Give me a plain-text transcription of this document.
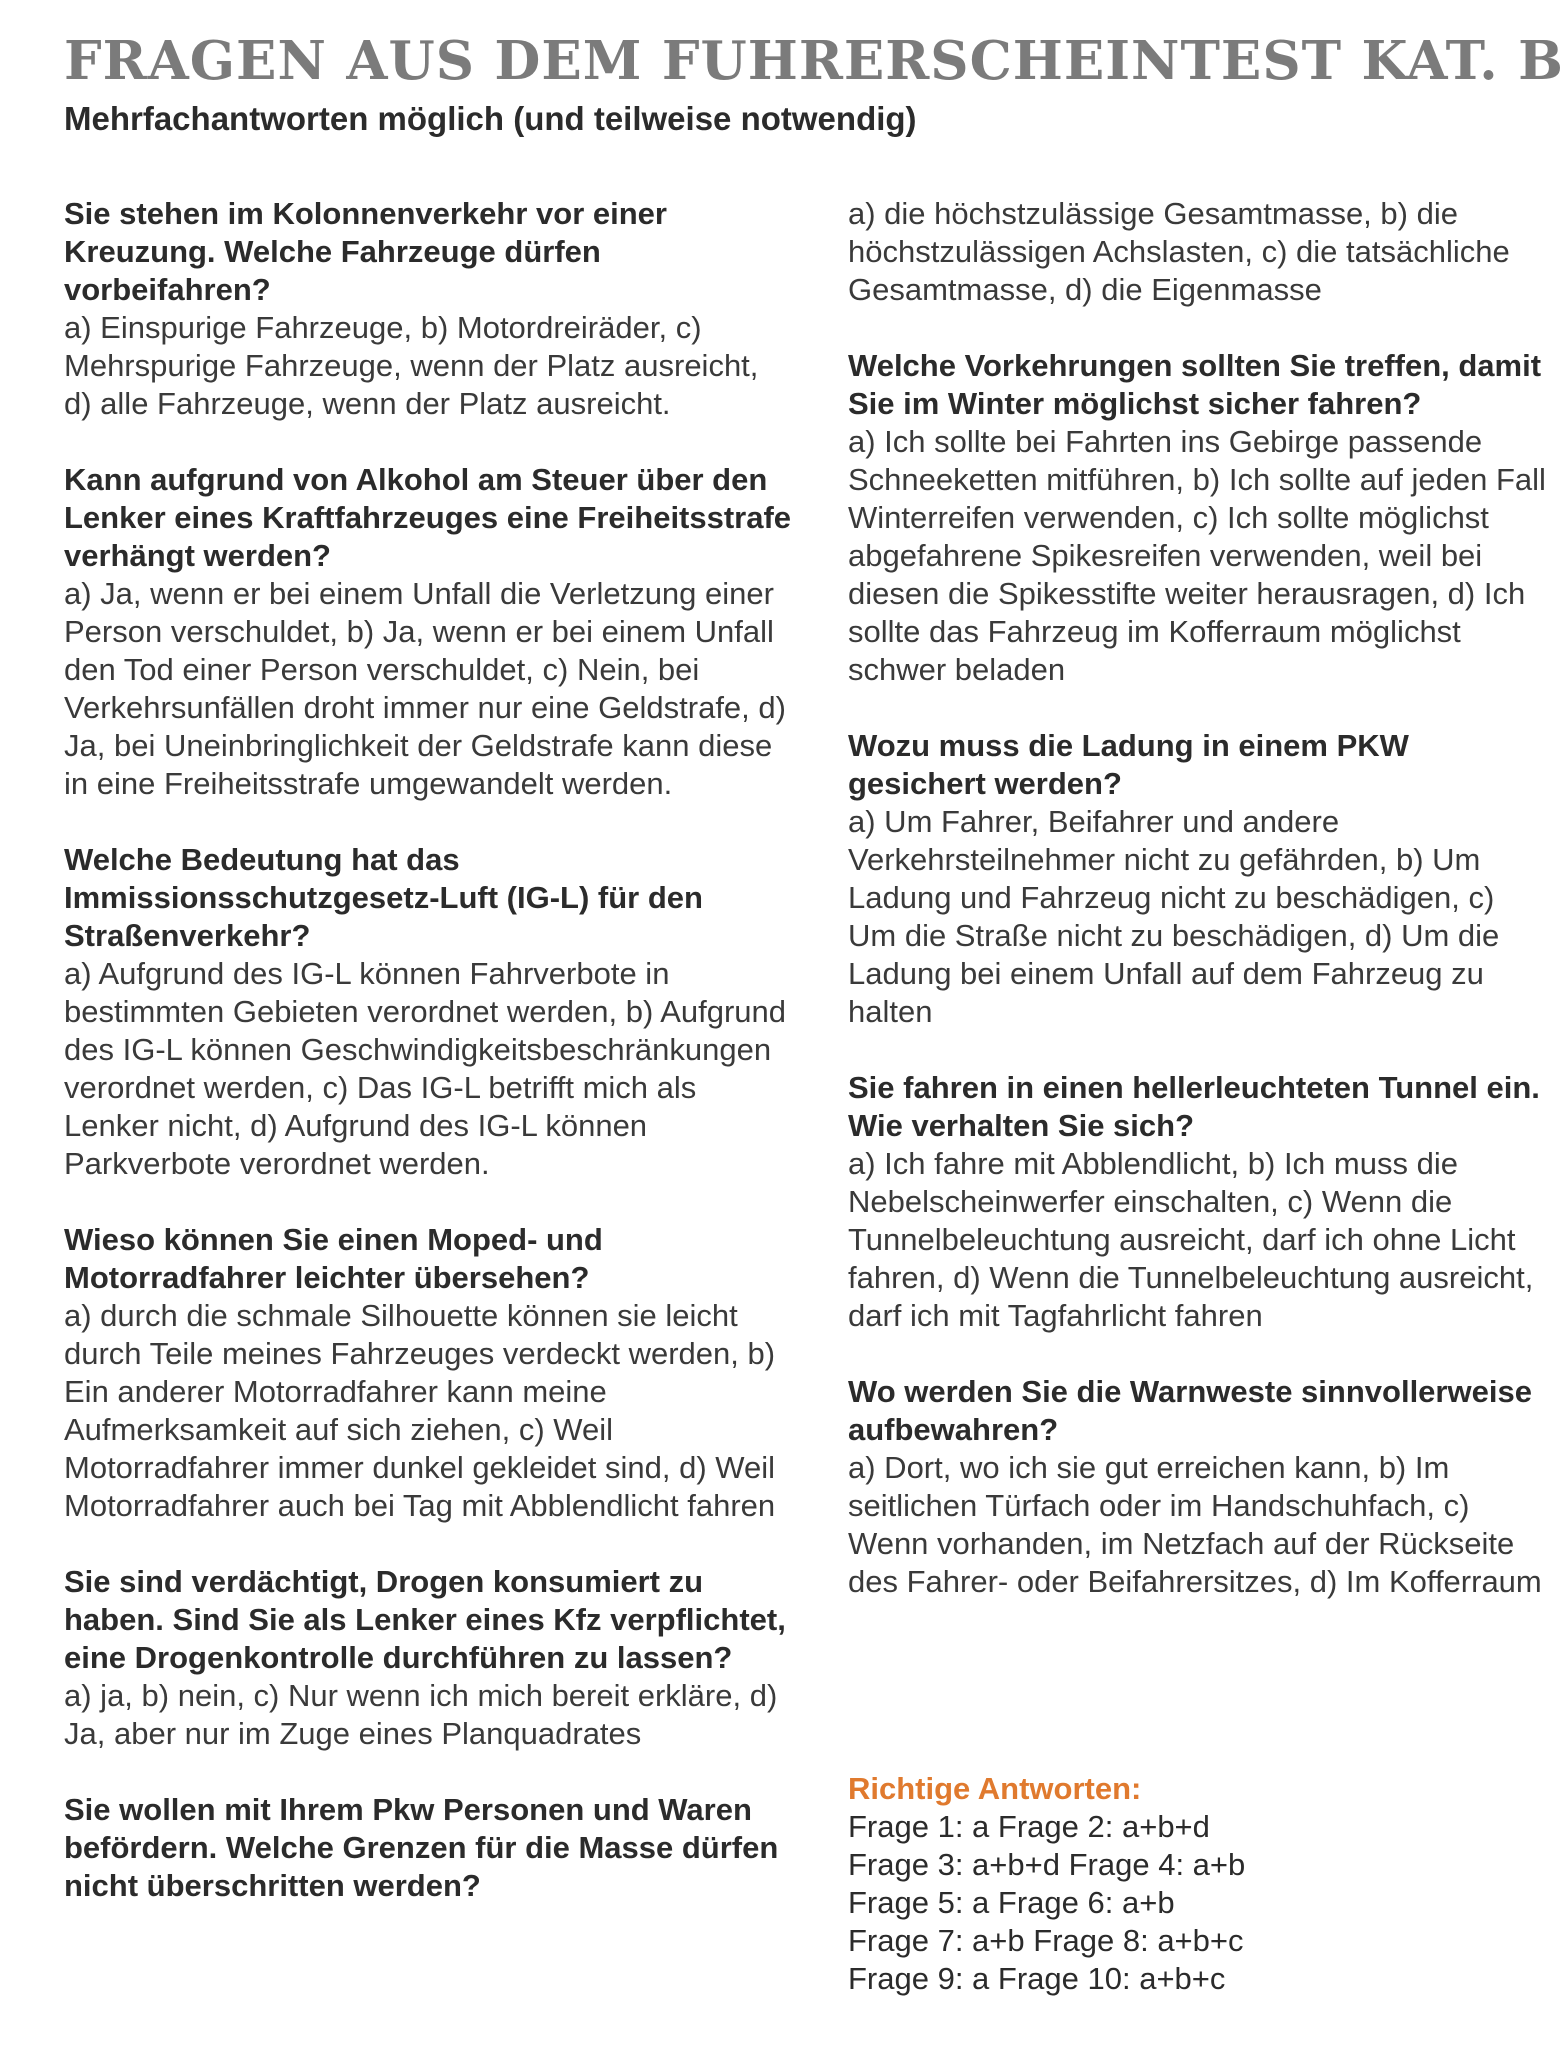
FRAGEN AUS DEM FUHRERSCHEINTEST KAT. B
Mehrfachantworten möglich (und teilweise notwendig)
Sie stehen im Kolonnenverkehr vor einer Kreuzung. Welche Fahrzeuge dürfen vorbeifahren?
a) Einspurige Fahrzeuge, b) Motordreiräder, c) Mehrspurige Fahrzeuge, wenn der Platz ausreicht, d) alle Fahrzeuge, wenn der Platz ausreicht.
Kann aufgrund von Alkohol am Steuer über den Lenker eines Kraftfahrzeuges eine Freiheitsstrafe verhängt werden?
a) Ja, wenn er bei einem Unfall die Verletzung einer Person verschuldet, b) Ja, wenn er bei einem Unfall den Tod einer Person verschuldet, c) Nein, bei Verkehrsunfällen droht immer nur eine Geldstrafe, d) Ja, bei Uneinbringlichkeit der Geldstrafe kann diese in eine Freiheitsstrafe umgewandelt werden.
Welche Bedeutung hat das Immissionsschutzgesetz-Luft (IG-L) für den Straßenverkehr?
a) Aufgrund des IG-L können Fahrverbote in bestimmten Gebieten verordnet werden, b) Aufgrund des IG-L können Geschwindigkeitsbeschränkungen verordnet werden, c) Das IG-L betrifft mich als Lenker nicht, d) Aufgrund des IG-L können Parkverbote verordnet werden.
Wieso können Sie einen Moped- und Motorradfahrer leichter übersehen?
a) durch die schmale Silhouette können sie leicht durch Teile meines Fahrzeuges verdeckt werden, b) Ein anderer Motorradfahrer kann meine Aufmerksamkeit auf sich ziehen, c) Weil Motorradfahrer immer dunkel gekleidet sind, d) Weil Motorradfahrer auch bei Tag mit Abblendlicht fahren
Sie sind verdächtigt, Drogen konsumiert zu haben. Sind Sie als Lenker eines Kfz verpflichtet, eine Drogenkontrolle durchführen zu lassen?
a) ja, b) nein, c) Nur wenn ich mich bereit erkläre, d) Ja, aber nur im Zuge eines Planquadrates
Sie wollen mit Ihrem Pkw Personen und Waren befördern. Welche Grenzen für die Masse dürfen nicht überschritten werden?
a) die höchstzulässige Gesamtmasse, b) die höchstzulässigen Achslasten, c) die tatsächliche Gesamtmasse, d) die Eigenmasse
Welche Vorkehrungen sollten Sie treffen, damit Sie im Winter möglichst sicher fahren?
a) Ich sollte bei Fahrten ins Gebirge passende Schneeketten mitführen, b) Ich sollte auf jeden Fall Winterreifen verwenden, c) Ich sollte möglichst abgefahrene Spikesreifen verwenden, weil bei diesen die Spikesstifte weiter herausragen, d) Ich sollte das Fahrzeug im Kofferraum möglichst schwer beladen
Wozu muss die Ladung in einem PKW gesichert werden?
a) Um Fahrer, Beifahrer und andere Verkehrsteilnehmer nicht zu gefährden, b) Um Ladung und Fahrzeug nicht zu beschädigen, c) Um die Straße nicht zu beschädigen, d) Um die Ladung bei einem Unfall auf dem Fahrzeug zu halten
Sie fahren in einen hellerleuchteten Tunnel ein. Wie verhalten Sie sich?
a) Ich fahre mit Abblendlicht, b) Ich muss die Nebelscheinwerfer einschalten, c) Wenn die Tunnelbeleuchtung ausreicht, darf ich ohne Licht fahren, d) Wenn die Tunnelbeleuchtung ausreicht, darf ich mit Tagfahrlicht fahren
Wo werden Sie die Warnweste sinnvollerweise aufbewahren?
a) Dort, wo ich sie gut erreichen kann, b) Im seitlichen Türfach oder im Handschuhfach, c) Wenn vorhanden, im Netzfach auf der Rückseite des Fahrer- oder Beifahrersitzes, d) Im Kofferraum
Richtige Antworten:
Frage 1: a Frage 2: a+b+d
Frage 3: a+b+d Frage 4: a+b
Frage 5: a Frage 6: a+b
Frage 7: a+b Frage 8: a+b+c
Frage 9: a Frage 10: a+b+c
